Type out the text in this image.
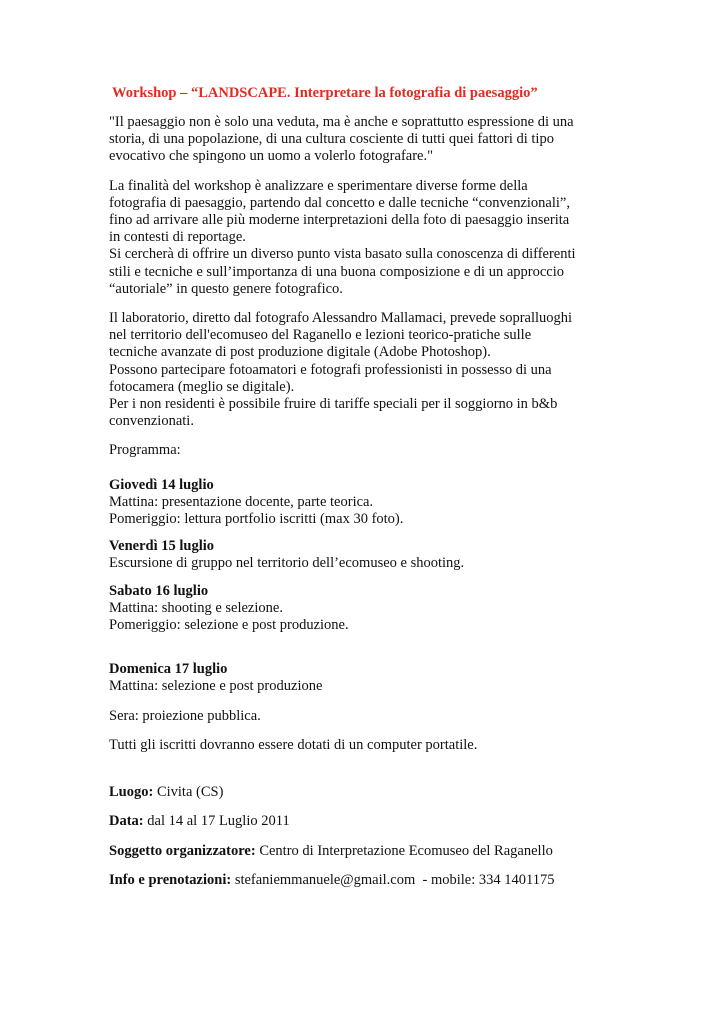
Workshop – “LANDSCAPE. Interpretare la fotografia di paesaggio”

"Il paesaggio non è solo una veduta, ma è anche e soprattutto espressione di una

storia, di una popolazione, di una cultura cosciente di tutti quei fattori di tipo

evocativo che spingono un uomo a volerlo fotografare."

La finalità del workshop è analizzare e sperimentare diverse forme della

fotografia di paesaggio, partendo dal concetto e dalle tecniche “convenzionali”,

fino ad arrivare alle più moderne interpretazioni della foto di paesaggio inserita

in contesti di reportage.

Si cercherà di offrire un diverso punto vista basato sulla conoscenza di differenti

stili e tecniche e sull’importanza di una buona composizione e di un approccio

“autoriale” in questo genere fotografico.

Il laboratorio, diretto dal fotografo Alessandro Mallamaci, prevede sopralluoghi

nel territorio dell'ecomuseo del Raganello e lezioni teorico-pratiche sulle

tecniche avanzate di post produzione digitale (Adobe Photoshop).

Possono partecipare fotoamatori e fotografi professionisti in possesso di una

fotocamera (meglio se digitale).

Per i non residenti è possibile fruire di tariffe speciali per il soggiorno in b&b

convenzionati.

Programma:

Giovedì 14 luglio

Mattina: presentazione docente, parte teorica.

Pomeriggio: lettura portfolio iscritti (max 30 foto).

Venerdì 15 luglio

Escursione di gruppo nel territorio dell’ecomuseo e shooting.

Sabato 16 luglio

Mattina: shooting e selezione.

Pomeriggio: selezione e post produzione.

Domenica 17 luglio

Mattina: selezione e post produzione

Sera: proiezione pubblica.

Tutti gli iscritti dovranno essere dotati di un computer portatile.

Luogo: Civita (CS)

Data: dal 14 al 17 Luglio 2011

Soggetto organizzatore: Centro di Interpretazione Ecomuseo del Raganello

Info e prenotazioni: stefaniemmanuele@gmail.com  - mobile: 334 1401175
